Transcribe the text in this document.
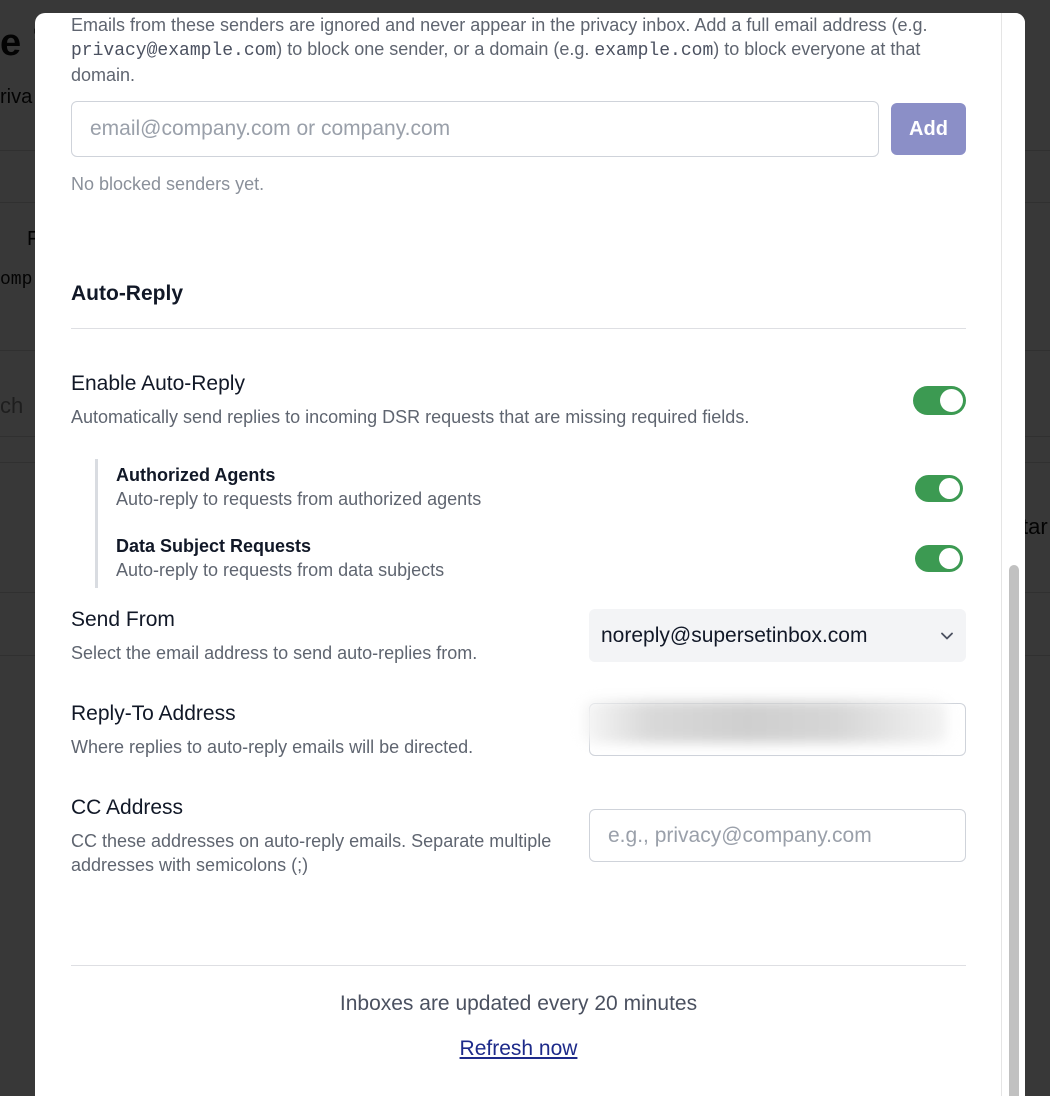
Emails from these senders are ignored and never appear in the privacy inbox. Add a full email address (e.g. privacy@example.com) to block one sender, or a domain (e.g. example.com) to block everyone at that domain.

email@company.com or company.com	Add
No blocked senders yet.
Auto-Reply
Enable Auto-Reply
Automatically send replies to incoming DSR requests that are missing required fields.
Authorized Agents
Auto-reply to requests from authorized agents
Data Subject Requests
Auto-reply to requests from data subjects
Send From
Select the email address to send auto-replies from.
noreply@supersetinbox.com
Reply-To Address
Where replies to auto-reply emails will be directed.
CC Address
CC these addresses on auto-reply emails. Separate multiple addresses with semicolons (;)
e.g., privacy@company.com
Inboxes are updated every 20 minutes
Refresh now
